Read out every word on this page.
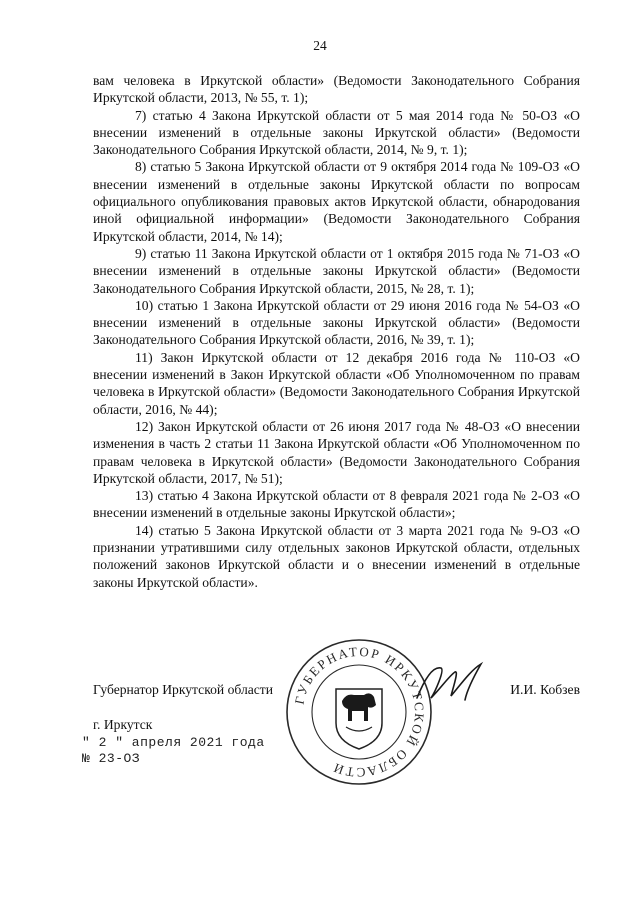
24

вам человека в Иркутской области» (Ведомости Законодательного Собрания Иркутской области, 2013, № 55, т. 1);

7) статью 4 Закона Иркутской области от 5 мая 2014 года № 50-ОЗ «О внесении изменений в отдельные законы Иркутской области» (Ведомости Законодательного Собрания Иркутской области, 2014, № 9, т. 1);

8) статью 5 Закона Иркутской области от 9 октября 2014 года № 109-ОЗ «О внесении изменений в отдельные законы Иркутской области по вопросам официального опубликования правовых актов Иркутской области, обнародования иной официальной информации» (Ведомости Законодательного Собрания Иркутской области, 2014, № 14);

9) статью 11 Закона Иркутской области от 1 октября 2015 года № 71-ОЗ «О внесении изменений в отдельные законы Иркутской области» (Ведомости Законодательного Собрания Иркутской области, 2015, № 28, т. 1);

10) статью 1 Закона Иркутской области от 29 июня 2016 года № 54-ОЗ «О внесении изменений в отдельные законы Иркутской области» (Ведомости Законодательного Собрания Иркутской области, 2016, № 39, т. 1);

11) Закон Иркутской области от 12 декабря 2016 года № 110-ОЗ «О внесении изменений в Закон Иркутской области «Об Уполномоченном по правам человека в Иркутской области» (Ведомости Законодательного Собрания Иркутской области, 2016, № 44);

12) Закон Иркутской области от 26 июня 2017 года № 48-ОЗ «О внесении изменения в часть 2 статьи 11 Закона Иркутской области «Об Уполномоченном по правам человека в Иркутской области» (Ведомости Законодательного Собрания Иркутской области, 2017, № 51);

13) статью 4 Закона Иркутской области от 8 февраля 2021 года № 2-ОЗ «О внесении изменений в отдельные законы Иркутской области»;

14) статью 5 Закона Иркутской области от 3 марта 2021 года № 9-ОЗ «О признании утратившими силу отдельных законов Иркутской области, отдельных положений законов Иркутской области и о внесении изменений в отдельные законы Иркутской области».

ГУБЕРНАТОР ИРКУТСКОЙ ОБЛАСТИ
Губернатор Иркутской области	И.И. Кобзев
г. Иркутск
" 2 " апреля 2021 года
№ 23-ОЗ
